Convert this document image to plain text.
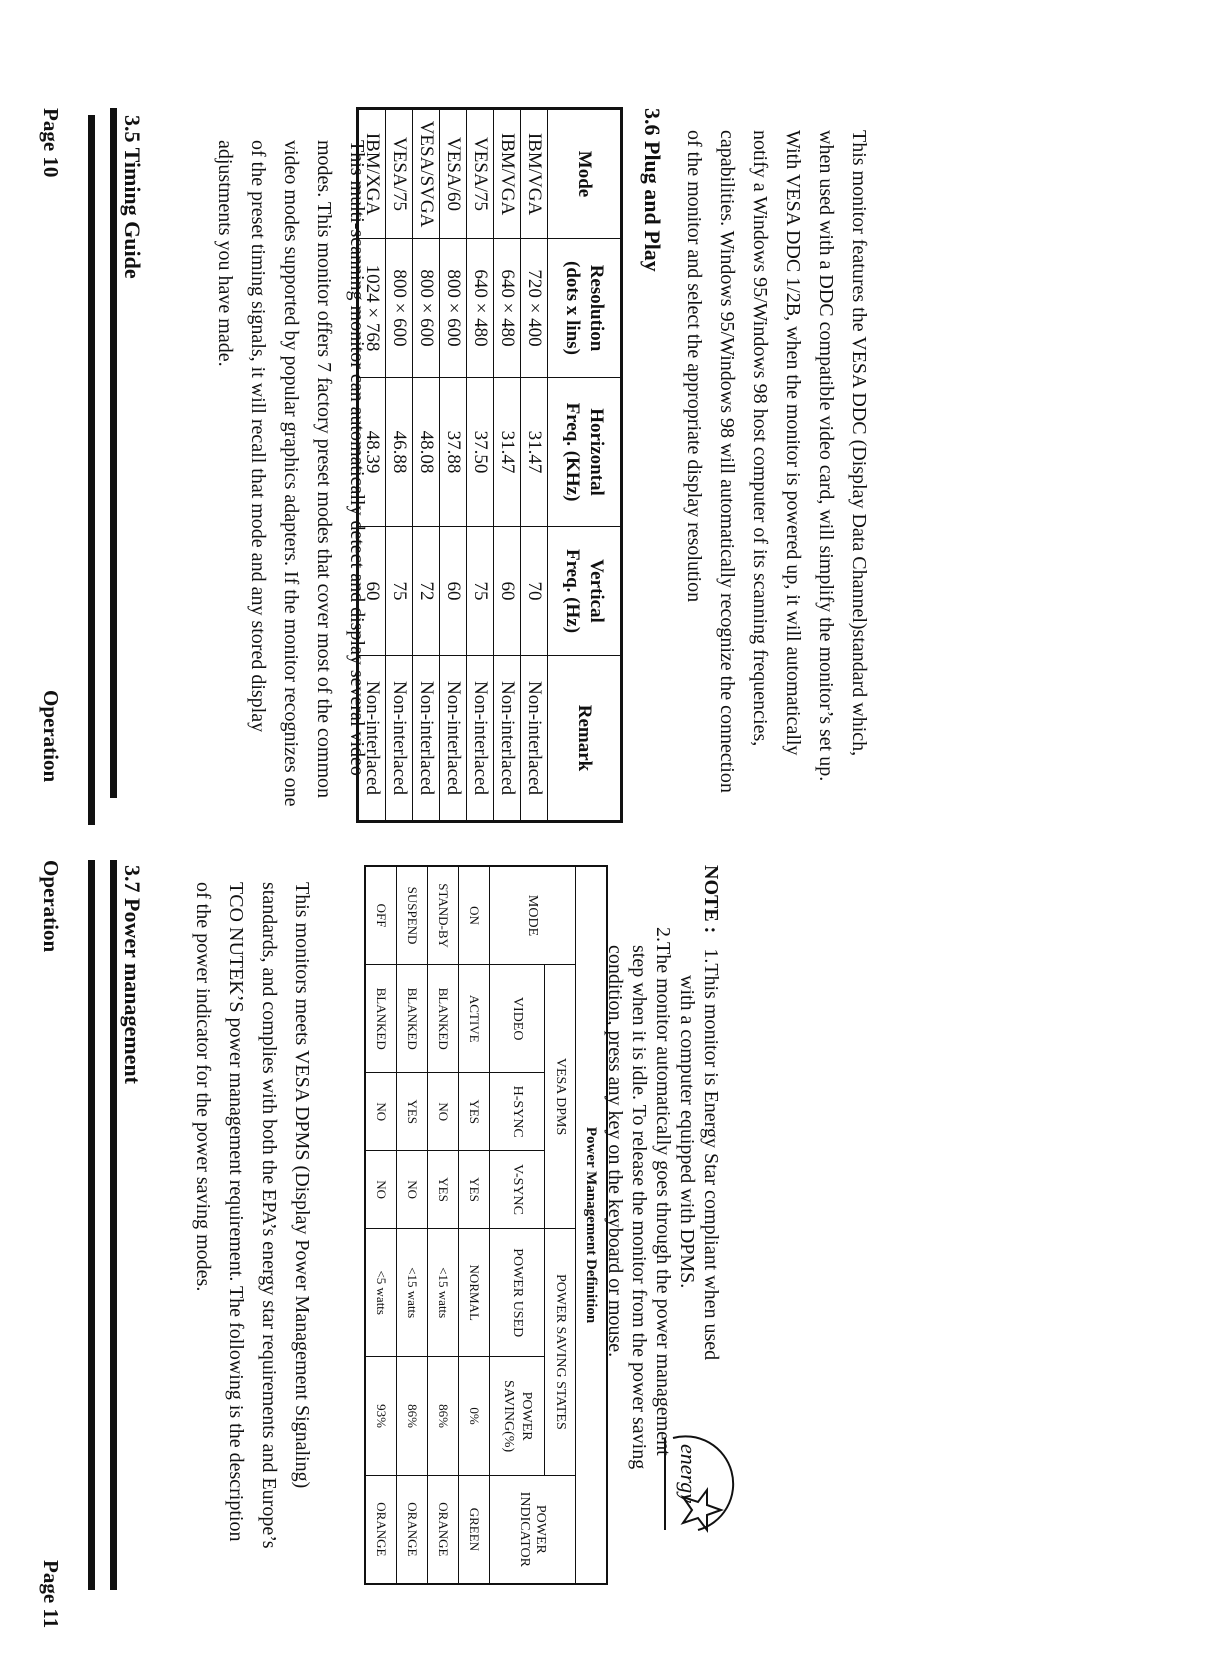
3.5 Timing Guide	This multi-scanning monitor can automatically detect and display several video
modes. This monitor offers 7 factory preset modes that cover most of the common
video modes supported by popular graphics adapters. If the monitor recognizes one
of the preset timing signals, it will recall that mode and any stored display
adjustments you have made.	Mode	Resolution
(dots x lins)	Horizontal
Freq. (KHz)	Vertical
Freq. (Hz)	Remark
IBM/VGA	720 × 400	31.47	70	Non-interlaced
IBM/VGA	640 × 480	31.47	60	Non-interlaced
VESA/75	640 × 480	37.50	75	Non-interlaced
VESA/60	800 × 600	37.88	60	Non-interlaced
VESA/SVGA	800 × 600	48.08	72	Non-interlaced
VESA/75	800 × 600	46.88	75	Non-interlaced
IBM/XGA	1024 × 768	48.39	60	Non-interlaced
3.6 Plug and Play	This monitor features the VESA DDC (Display Data Channel)standard which,
when used with a DDC compatible video card, will simplify the monitor’s set up.
With VESA DDC 1/2B, when the monitor is powered up, it will automatically
notify a Windows 95/Windows 98 host computer of its scanning frequencies,
capabilities. Windows 95/Windows 98 will automatically recognize the connection
of the monitor and select the appropriate display resolution
Page 10
Operation
3.7 Power management	This monitors meets VESA DPMS (Display Power Management Signaling)
standards, and complies with both the EPA’s energy star requirements and Europe’s
TCO NUTEK’S power management requirement. The following is the description
of the power indicator for the power saving modes.	Power Management Definition						
MODE	VESA DPMS			POWER SAVING STATES		POWER
INDICATOR
	VIDEO	H-SYNC	V-SYNC	POWER USED	POWER
SAVING(%)	
ON	ACTIVE	YES	YES	NORMAL	0%	GREEN
STAND-BY	BLANKED	NO	YES	<15 watts	86%	ORANGE
SUSPEND	BLANKED	YES	NO	<15 watts	86%	ORANGE
OFF	BLANKED	NO	NO	<5 watts	93%	ORANGE
NOTE : 1.This monitor is Energy Star compliant when used
with a computer equipped with DPMS.
2.The monitor automatically goes through the power management
step when it is idle. To release the monitor from the power saving
condition, press any key on the keyboard or mouse.
energy
Operation
Page 11
